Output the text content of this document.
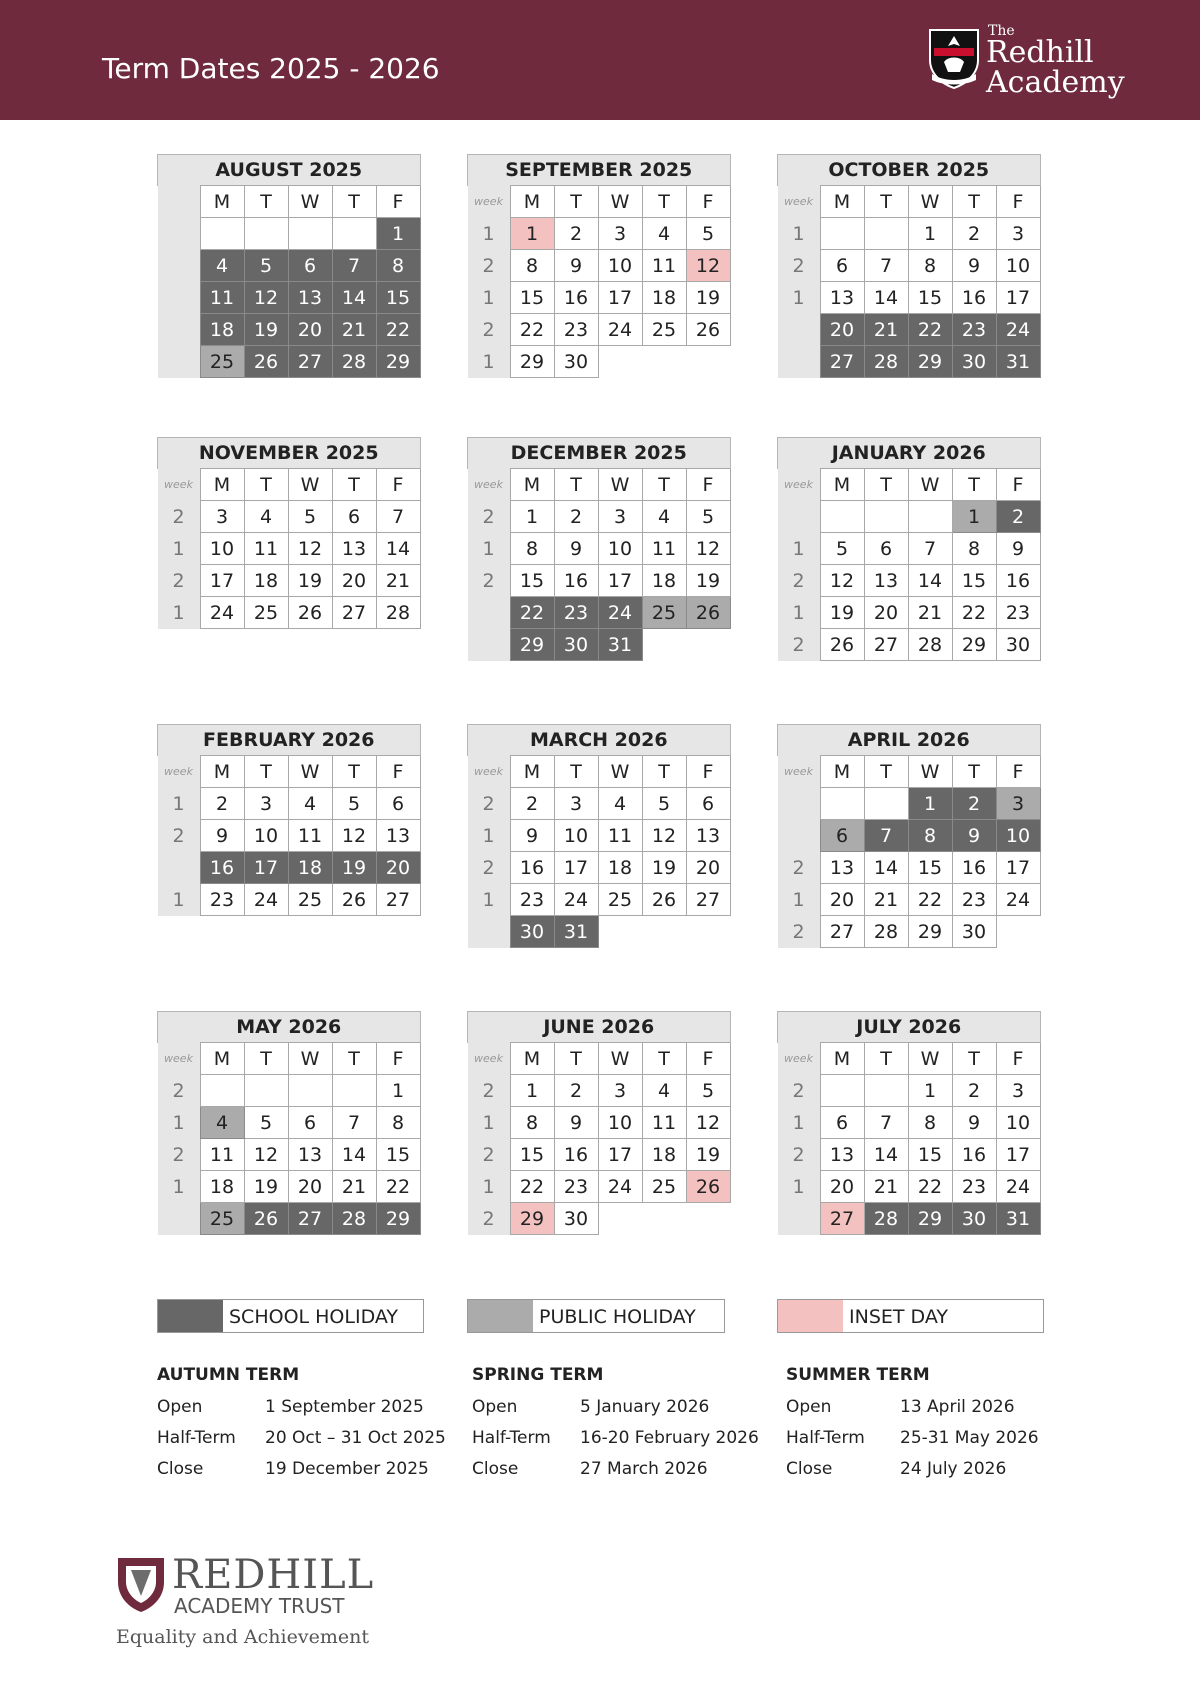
Term Dates 2025 - 2026
The
Redhill
Academy
AUGUST 2025					
	M	T	W	T	F
					1
	4	5	6	7	8
	11	12	13	14	15
	18	19	20	21	22
	25	26	27	28	29
SEPTEMBER 2025					
week	M	T	W	T	F
1	1	2	3	4	5
2	8	9	10	11	12
1	15	16	17	18	19
2	22	23	24	25	26
1	29	30			
OCTOBER 2025					
week	M	T	W	T	F
1			1	2	3
2	6	7	8	9	10
1	13	14	15	16	17
	20	21	22	23	24
	27	28	29	30	31
NOVEMBER 2025					
week	M	T	W	T	F
2	3	4	5	6	7
1	10	11	12	13	14
2	17	18	19	20	21
1	24	25	26	27	28
DECEMBER 2025					
week	M	T	W	T	F
2	1	2	3	4	5
1	8	9	10	11	12
2	15	16	17	18	19
	22	23	24	25	26
	29	30	31		
JANUARY 2026					
week	M	T	W	T	F
				1	2
1	5	6	7	8	9
2	12	13	14	15	16
1	19	20	21	22	23
2	26	27	28	29	30
FEBRUARY 2026					
week	M	T	W	T	F
1	2	3	4	5	6
2	9	10	11	12	13
	16	17	18	19	20
1	23	24	25	26	27
MARCH 2026					
week	M	T	W	T	F
2	2	3	4	5	6
1	9	10	11	12	13
2	16	17	18	19	20
1	23	24	25	26	27
	30	31			
APRIL 2026					
week	M	T	W	T	F
			1	2	3
	6	7	8	9	10
2	13	14	15	16	17
1	20	21	22	23	24
2	27	28	29	30	
MAY 2026					
week	M	T	W	T	F
2					1
1	4	5	6	7	8
2	11	12	13	14	15
1	18	19	20	21	22
	25	26	27	28	29
JUNE 2026					
week	M	T	W	T	F
2	1	2	3	4	5
1	8	9	10	11	12
2	15	16	17	18	19
1	22	23	24	25	26
2	29	30			
JULY 2026					
week	M	T	W	T	F
2			1	2	3
1	6	7	8	9	10
2	13	14	15	16	17
1	20	21	22	23	24
	27	28	29	30	31
SCHOOL HOLIDAY	PUBLIC HOLIDAY	INSET DAY
AUTUMN TERM
Open	1 September 2025
Half-Term 20 Oct – 31 Oct 2025
Close	19 December 2025
SPRING TERM
Open	5 January 2026
Half-Term 16-20 February 2026
Close	27 March 2026
SUMMER TERM
Open	13 April 2026
Half-Term 25-31 May 2026
Close	24 July 2026
REDHILL
ACADEMY TRUST
Equality and Achievement
